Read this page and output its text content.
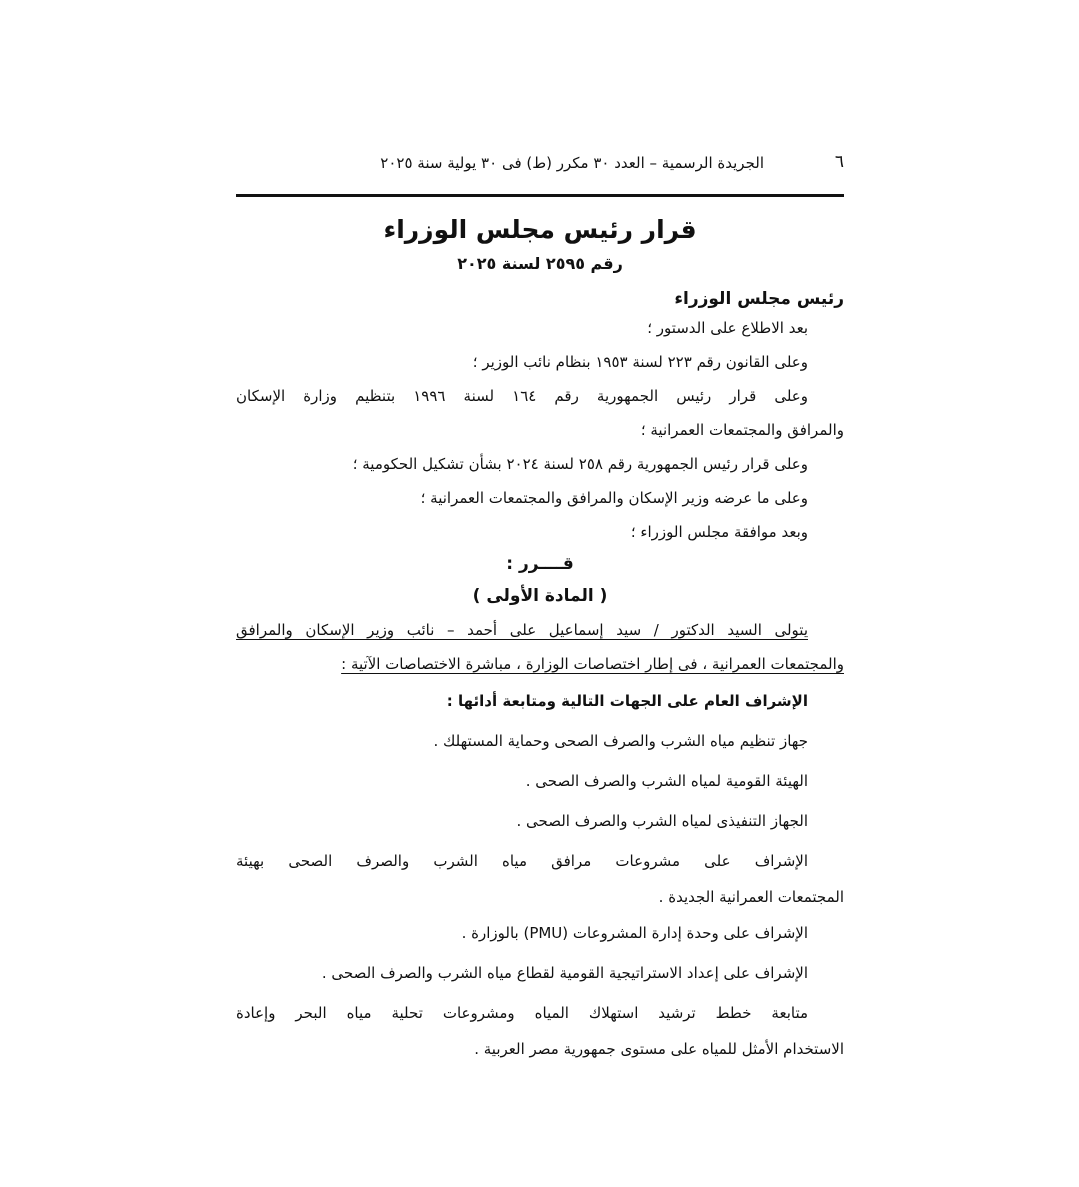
٦
الجريدة الرسمية – العدد ٣٠ مكرر (ط) فى ٣٠ يولية سنة ٢٠٢٥
قرار رئيس مجلس الوزراء
رقم ٢٥٩٥ لسنة ٢٠٢٥
رئيس مجلس الوزراء
بعد الاطلاع على الدستور ؛
وعلى القانون رقم ٢٢٣ لسنة ١٩٥٣ بنظام نائب الوزير ؛
وعلى قرار رئيس الجمهورية رقم ١٦٤ لسنة ١٩٩٦ بتنظيم وزارة الإسكان
والمرافق والمجتمعات العمرانية ؛
وعلى قرار رئيس الجمهورية رقم ٢٥٨ لسنة ٢٠٢٤ بشأن تشكيل الحكومية ؛
وعلى ما عرضه وزير الإسكان والمرافق والمجتمعات العمرانية ؛
وبعد موافقة مجلس الوزراء ؛
قــــرر :
( المادة الأولى )
يتولى السيد الدكتور / سيد إسماعيل على أحمد – نائب وزير الإسكان والمرافق
والمجتمعات العمرانية ، فى إطار اختصاصات الوزارة ، مباشرة الاختصاصات الآتية :
الإشراف العام على الجهات التالية ومتابعة أدائها :
جهاز تنظيم مياه الشرب والصرف الصحى وحماية المستهلك .
الهيئة القومية لمياه الشرب والصرف الصحى .
الجهاز التنفيذى لمياه الشرب والصرف الصحى .
الإشراف على مشروعات مرافق مياه الشرب والصرف الصحى بهيئة
المجتمعات العمرانية الجديدة .
الإشراف على وحدة إدارة المشروعات (PMU) بالوزارة .
الإشراف على إعداد الاستراتيجية القومية لقطاع مياه الشرب والصرف الصحى .
متابعة خطط ترشيد استهلاك المياه ومشروعات تحلية مياه البحر وإعادة
الاستخدام الأمثل للمياه على مستوى جمهورية مصر العربية .
